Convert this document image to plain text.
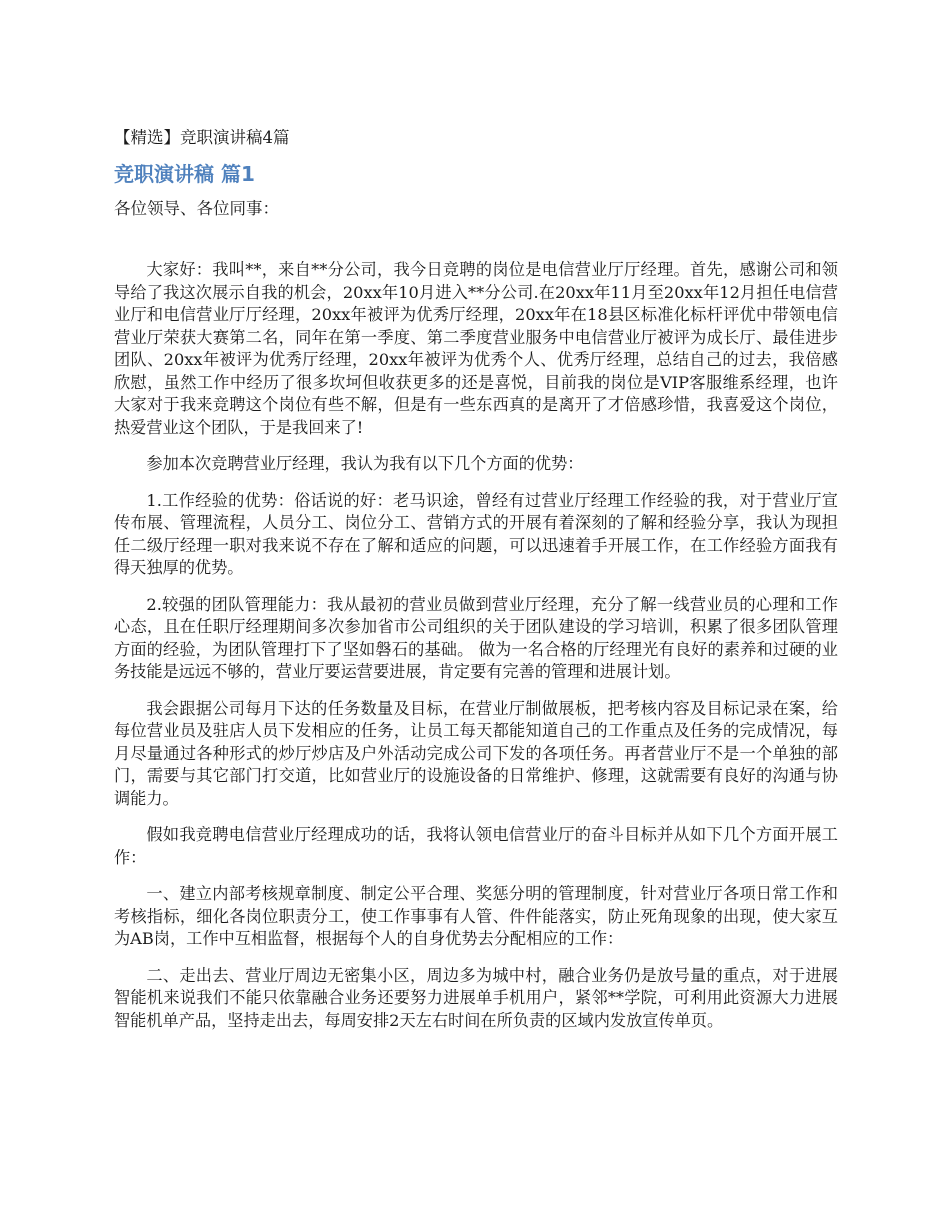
【精选】竞职演讲稿4篇
竞职演讲稿 篇1
各位领导、各位同事：

大家好：我叫**，来自**分公司，我今日竞聘的岗位是电信营业厅厅经理。首先，感谢公司和领导给了我这次展示自我的机会，20xx年10月进入**分公司.在20xx年11月至20xx年12月担任电信营业厅和电信营业厅厅经理，20xx年被评为优秀厅经理，20xx年在18县区标准化标杆评优中带领电信营业厅荣获大赛第二名，同年在第一季度、第二季度营业服务中电信营业厅被评为成长厅、最佳进步团队、20xx年被评为优秀厅经理，20xx年被评为优秀个人、优秀厅经理，总结自己的过去，我倍感欣慰，虽然工作中经历了很多坎坷但收获更多的还是喜悦，目前我的岗位是VIP客服维系经理，也许大家对于我来竞聘这个岗位有些不解，但是有一些东西真的是离开了才倍感珍惜，我喜爱这个岗位，热爱营业这个团队，于是我回来了!

参加本次竞聘营业厅经理，我认为我有以下几个方面的优势：

1.工作经验的优势：俗话说的好：老马识途，曾经有过营业厅经理工作经验的我，对于营业厅宣传布展、管理流程，人员分工、岗位分工、营销方式的开展有着深刻的了解和经验分享，我认为现担任二级厅经理一职对我来说不存在了解和适应的问题，可以迅速着手开展工作，在工作经验方面我有得天独厚的优势。

2.较强的团队管理能力：我从最初的营业员做到营业厅经理，充分了解一线营业员的心理和工作心态，且在任职厅经理期间多次参加省市公司组织的关于团队建设的学习培训，积累了很多团队管理方面的经验，为团队管理打下了坚如磐石的基础。 做为一名合格的厅经理光有良好的素养和过硬的业务技能是远远不够的，营业厅要运营要进展，肯定要有完善的管理和进展计划。

我会跟据公司每月下达的任务数量及目标，在营业厅制做展板，把考核内容及目标记录在案，给每位营业员及驻店人员下发相应的任务，让员工每天都能知道自己的工作重点及任务的完成情况，每月尽量通过各种形式的炒厅炒店及户外活动完成公司下发的各项任务。再者营业厅不是一个单独的部门，需要与其它部门打交道，比如营业厅的设施设备的日常维护、修理，这就需要有良好的沟通与协调能力。

假如我竞聘电信营业厅经理成功的话，我将认领电信营业厅的奋斗目标并从如下几个方面开展工作：

一、建立内部考核规章制度、制定公平合理、奖惩分明的管理制度，针对营业厅各项日常工作和考核指标，细化各岗位职责分工，使工作事事有人管、件件能落实，防止死角现象的出现，使大家互为AB岗，工作中互相监督，根据每个人的自身优势去分配相应的工作：

二、走出去、营业厅周边无密集小区，周边多为城中村，融合业务仍是放号量的重点，对于进展智能机来说我们不能只依靠融合业务还要努力进展单手机用户，紧邻**学院，可利用此资源大力进展智能机单产品，坚持走出去，每周安排2天左右时间在所负责的区域内发放宣传单页。
